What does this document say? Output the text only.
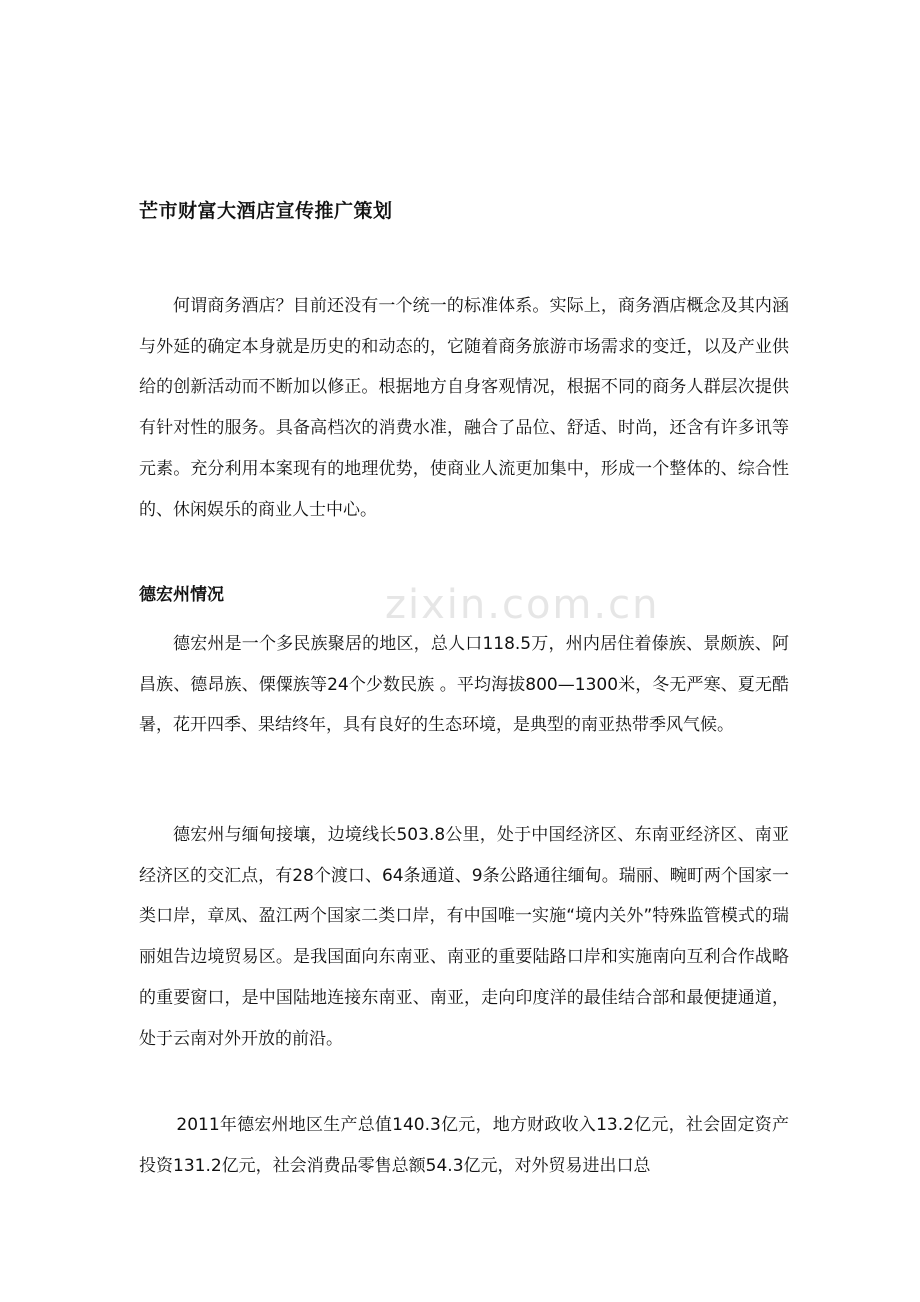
zixin.com.cn
芒市财富大酒店宣传推广策划

何谓商务酒店？目前还没有一个统一的标准体系。实际上，商务酒店概念及其内涵与外延的确定本身就是历史的和动态的，它随着商务旅游市场需求的变迁，以及产业供给的创新活动而不断加以修正。根据地方自身客观情况，根据不同的商务人群层次提供有针对性的服务。具备高档次的消费水准，融合了品位、舒适、时尚，还含有许多讯等元素。充分利用本案现有的地理优势，使商业人流更加集中，形成一个整体的、综合性的、休闲娱乐的商业人士中心。

德宏州情况

德宏州是一个多民族聚居的地区，总人口118.5万，州内居住着傣族、景颇族、阿昌族、德昂族、傈僳族等24个少数民族 。平均海拔800—1300米，冬无严寒、夏无酷暑，花开四季、果结终年，具有良好的生态环境，是典型的南亚热带季风气候。

德宏州与缅甸接壤，边境线长503.8公里，处于中国经济区、东南亚经济区、南亚经济区的交汇点，有28个渡口、64条通道、9条公路通往缅甸。瑞丽、畹町两个国家一类口岸，章凤、盈江两个国家二类口岸，有中国唯一实施“境内关外”特殊监管模式的瑞丽姐告边境贸易区。是我国面向东南亚、南亚的重要陆路口岸和实施南向互利合作战略的重要窗口，是中国陆地连接东南亚、南亚，走向印度洋的最佳结合部和最便捷通道，处于云南对外开放的前沿。

2011年德宏州地区生产总值140.3亿元，地方财政收入13.2亿元，社会固定资产投资131.2亿元，社会消费品零售总额54.3亿元，对外贸易进出口总
